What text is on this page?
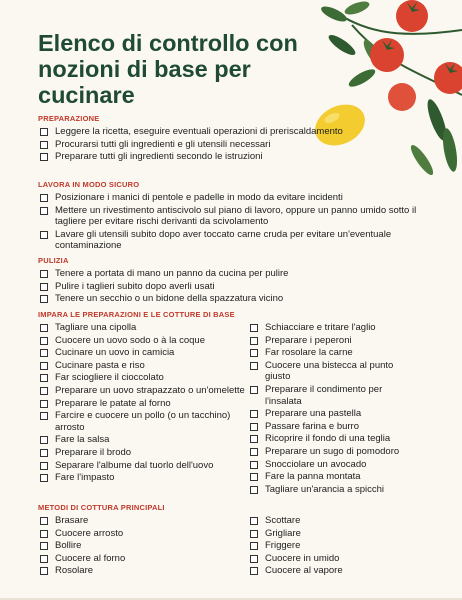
Elenco di controllo con nozioni di base per cucinare
PREPARAZIONE
Leggere la ricetta, eseguire eventuali operazioni di preriscaldamento
Procurarsi tutti gli ingredienti e gli utensili necessari
Preparare tutti gli ingredienti secondo le istruzioni
LAVORA IN MODO SICURO
Posizionare i manici di pentole e padelle in modo da evitare incidenti
Mettere un rivestimento antiscivolo sul piano di lavoro, oppure un panno umido sotto il tagliere per evitare rischi derivanti da scivolamento
Lavare gli utensili subito dopo aver toccato carne cruda per evitare un'eventuale contaminazione
PULIZIA
Tenere a portata di mano un panno da cucina per pulire
Pulire i taglieri subito dopo averli usati
Tenere un secchio o un bidone della spazzatura vicino
IMPARA LE PREPARAZIONI E LE COTTURE DI BASE
Tagliare una cipolla
Cuocere un uovo sodo o à la coque
Cucinare un uovo in camicia
Cucinare pasta e riso
Far sciogliere il cioccolato
Preparare un uovo strapazzato o un'omelette
Preparare le patate al forno
Farcire e cuocere un pollo (o un tacchino) arrosto
Fare la salsa
Preparare il brodo
Separare l'albume dal tuorlo dell'uovo
Fare l'impasto
Schiacciare e tritare l'aglio
Preparare i peperoni
Far rosolare la carne
Cuocere una bistecca al punto giusto
Preparare il condimento per l'insalata
Preparare una pastella
Passare farina e burro
Ricoprire il fondo di una teglia
Preparare un sugo di pomodoro
Snocciolare un avocado
Fare la panna montata
Tagliare un'arancia a spicchi
METODI DI COTTURA PRINCIPALI
Brasare
Cuocere arrosto
Bollire
Cuocere al forno
Rosolare
Scottare
Grigliare
Friggere
Cuocere in umido
Cuocere al vapore
